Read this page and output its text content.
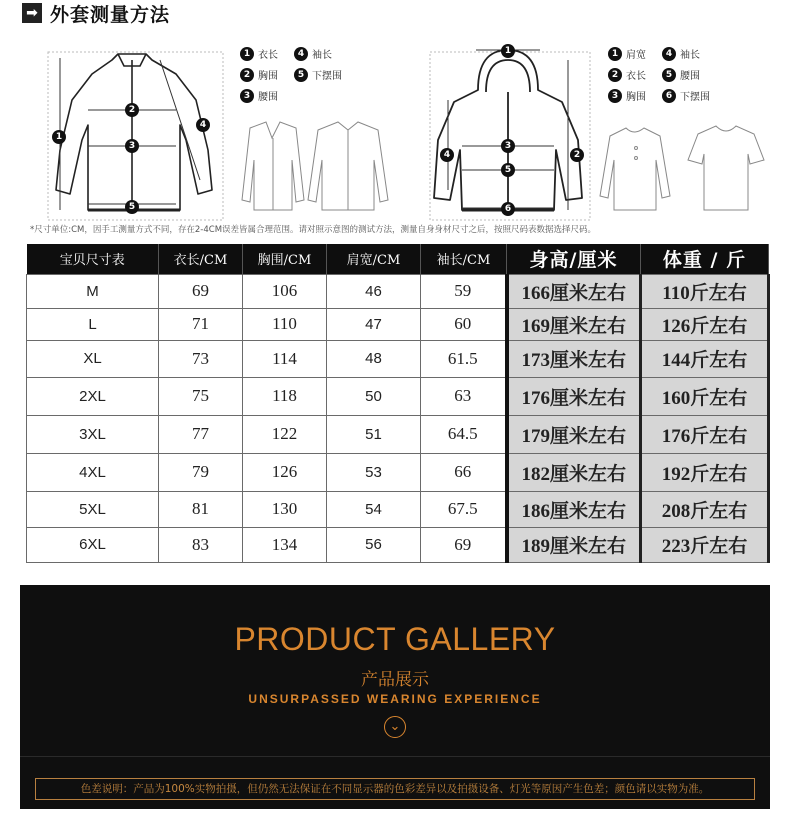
➡ 外套测量方法
1
2
3
4
5
1
4
3
5
2
6
1 衣长	4 袖长
2 胸围	5 下摆围
3 腰围
1 肩宽	4 袖长
2 衣长	5 腰围
3 胸围	6 下摆围
*尺寸单位:CM，因手工测量方式不同，存在2-4CM误差皆属合理范围。请对照示意图的测试方法，测量自身身材尺寸之后，按照尺码表数据选择尺码。
宝贝尺寸表	衣长/CM	胸围/CM	肩宽/CM	袖长/CM	身高/厘米	体重 / 斤
M	69	106	46	59	166厘米左右	110斤左右
L	71	110	47	60	169厘米左右	126斤左右
XL	73	114	48	61.5	173厘米左右	144斤左右
2XL	75	118	50	63	176厘米左右	160斤左右
3XL	77	122	51	64.5	179厘米左右	176斤左右
4XL	79	126	53	66	182厘米左右	192斤左右
5XL	81	130	54	67.5	186厘米左右	208斤左右
6XL	83	134	56	69	189厘米左右	223斤左右
PRODUCT GALLERY
产品展示
UNSURPASSED WEARING EXPERIENCE
⌄
色差说明：产品为100%实物拍摄，但仍然无法保证在不同显示器的色彩差异以及拍摄设备、灯光等原因产生色差；颜色请以实物为准。
